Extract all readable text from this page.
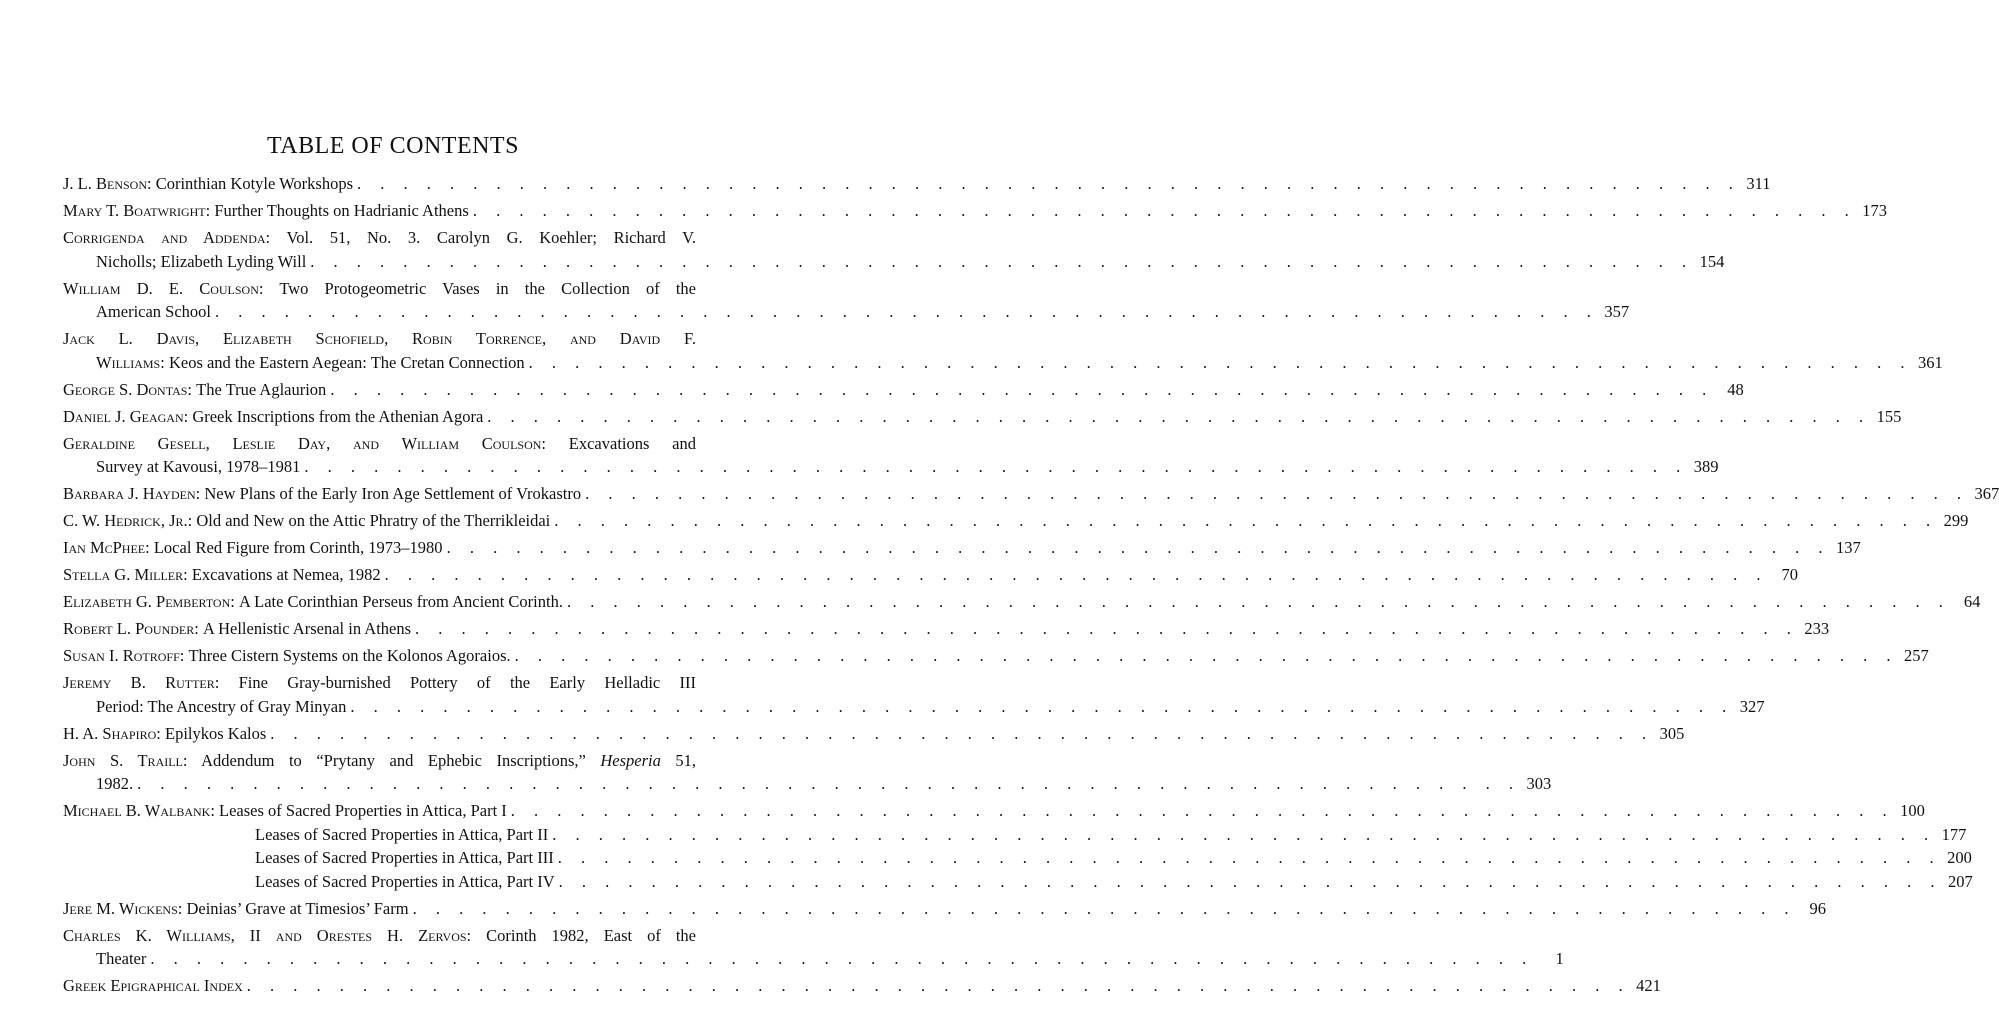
TABLE OF CONTENTS
J. L. Benson:
Corinthian Kotyle Workshops . . . . . . . . . . . . . . . . . . . . . . . . . . . . . . . . . . . . . . . . . . . . . . . . . . . . . . . . . . . . 311
Mary T. Boatwright:
Further Thoughts on Hadrianic Athens . . . . . . . . . . . . . . . . . . . . . . . . . . . . . . . . . . . . . . . . . . . . . . . . . . . . . . . . . . . . 173
Corrigenda and Addenda: Vol. 51, No. 3. Carolyn G. Koehler; Richard V.
Nicholls; Elizabeth Lyding Will . . . . . . . . . . . . . . . . . . . . . . . . . . . . . . . . . . . . . . . . . . . . . . . . . . . . . . . . . . . . 154
William D. E. Coulson: Two Protogeometric Vases in the Collection of the
American School . . . . . . . . . . . . . . . . . . . . . . . . . . . . . . . . . . . . . . . . . . . . . . . . . . . . . . . . . . . . 357
Jack L. Davis, Elizabeth Schofield, Robin Torrence, and David F.
Williams:
Keos and the Eastern Aegean: The Cretan Connection . . . . . . . . . . . . . . . . . . . . . . . . . . . . . . . . . . . . . . . . . . . . . . . . . . . . . . . . . . . . 361
George S. Dontas:
The True Aglaurion . . . . . . . . . . . . . . . . . . . . . . . . . . . . . . . . . . . . . . . . . . . . . . . . . . . . . . . . . . . . 48
Daniel J. Geagan:
Greek Inscriptions from the Athenian Agora . . . . . . . . . . . . . . . . . . . . . . . . . . . . . . . . . . . . . . . . . . . . . . . . . . . . . . . . . . . . 155
Geraldine Gesell, Leslie Day, and William Coulson: Excavations and
Survey at Kavousi, 1978–1981 . . . . . . . . . . . . . . . . . . . . . . . . . . . . . . . . . . . . . . . . . . . . . . . . . . . . . . . . . . . . 389
Barbara J. Hayden:
New Plans of the Early Iron Age Settlement of Vrokastro . . . . . . . . . . . . . . . . . . . . . . . . . . . . . . . . . . . . . . . . . . . . . . . . . . . . . . . . . . . . 367
C. W. Hedrick, Jr.:
Old and New on the Attic Phratry of the Therrikleidai . . . . . . . . . . . . . . . . . . . . . . . . . . . . . . . . . . . . . . . . . . . . . . . . . . . . . . . . . . . . 299
Ian McPhee:
Local Red Figure from Corinth, 1973–1980 . . . . . . . . . . . . . . . . . . . . . . . . . . . . . . . . . . . . . . . . . . . . . . . . . . . . . . . . . . . . 137
Stella G. Miller:
Excavations at Nemea, 1982 . . . . . . . . . . . . . . . . . . . . . . . . . . . . . . . . . . . . . . . . . . . . . . . . . . . . . . . . . . . . 70
Elizabeth G. Pemberton:
A Late Corinthian Perseus from Ancient Corinth. . . . . . . . . . . . . . . . . . . . . . . . . . . . . . . . . . . . . . . . . . . . . . . . . . . . . . . . . . . . . 64
Robert L. Pounder:
A Hellenistic Arsenal in Athens . . . . . . . . . . . . . . . . . . . . . . . . . . . . . . . . . . . . . . . . . . . . . . . . . . . . . . . . . . . . 233
Susan I. Rotroff:
Three Cistern Systems on the Kolonos Agoraios. . . . . . . . . . . . . . . . . . . . . . . . . . . . . . . . . . . . . . . . . . . . . . . . . . . . . . . . . . . . . 257
Jeremy B. Rutter: Fine Gray-burnished Pottery of the Early Helladic III
Period: The Ancestry of Gray Minyan . . . . . . . . . . . . . . . . . . . . . . . . . . . . . . . . . . . . . . . . . . . . . . . . . . . . . . . . . . . . 327
H. A. Shapiro:
Epilykos Kalos . . . . . . . . . . . . . . . . . . . . . . . . . . . . . . . . . . . . . . . . . . . . . . . . . . . . . . . . . . . . 305
John S. Traill: Addendum to “Prytany and Ephebic Inscriptions,” Hesperia 51,
1982. . . . . . . . . . . . . . . . . . . . . . . . . . . . . . . . . . . . . . . . . . . . . . . . . . . . . . . . . . . . . 303
Michael B. Walbank:
Leases of Sacred Properties in Attica, Part I . . . . . . . . . . . . . . . . . . . . . . . . . . . . . . . . . . . . . . . . . . . . . . . . . . . . . . . . . . . . 100
Leases of Sacred Properties in Attica, Part II . . . . . . . . . . . . . . . . . . . . . . . . . . . . . . . . . . . . . . . . . . . . . . . . . . . . . . . . . . . . 177
Leases of Sacred Properties in Attica, Part III . . . . . . . . . . . . . . . . . . . . . . . . . . . . . . . . . . . . . . . . . . . . . . . . . . . . . . . . . . . . 200
Leases of Sacred Properties in Attica, Part IV . . . . . . . . . . . . . . . . . . . . . . . . . . . . . . . . . . . . . . . . . . . . . . . . . . . . . . . . . . . . 207
Jere M. Wickens:
Deinias’ Grave at Timesios’ Farm . . . . . . . . . . . . . . . . . . . . . . . . . . . . . . . . . . . . . . . . . . . . . . . . . . . . . . . . . . . . 96
Charles K. Williams, II and Orestes H. Zervos: Corinth 1982, East of the
Theater . . . . . . . . . . . . . . . . . . . . . . . . . . . . . . . . . . . . . . . . . . . . . . . . . . . . . . . . . . . .	1
Greek Epigraphical Index . . . . . . . . . . . . . . . . . . . . . . . . . . . . . . . . . . . . . . . . . . . . . . . . . . . . . . . . . . . . 421
